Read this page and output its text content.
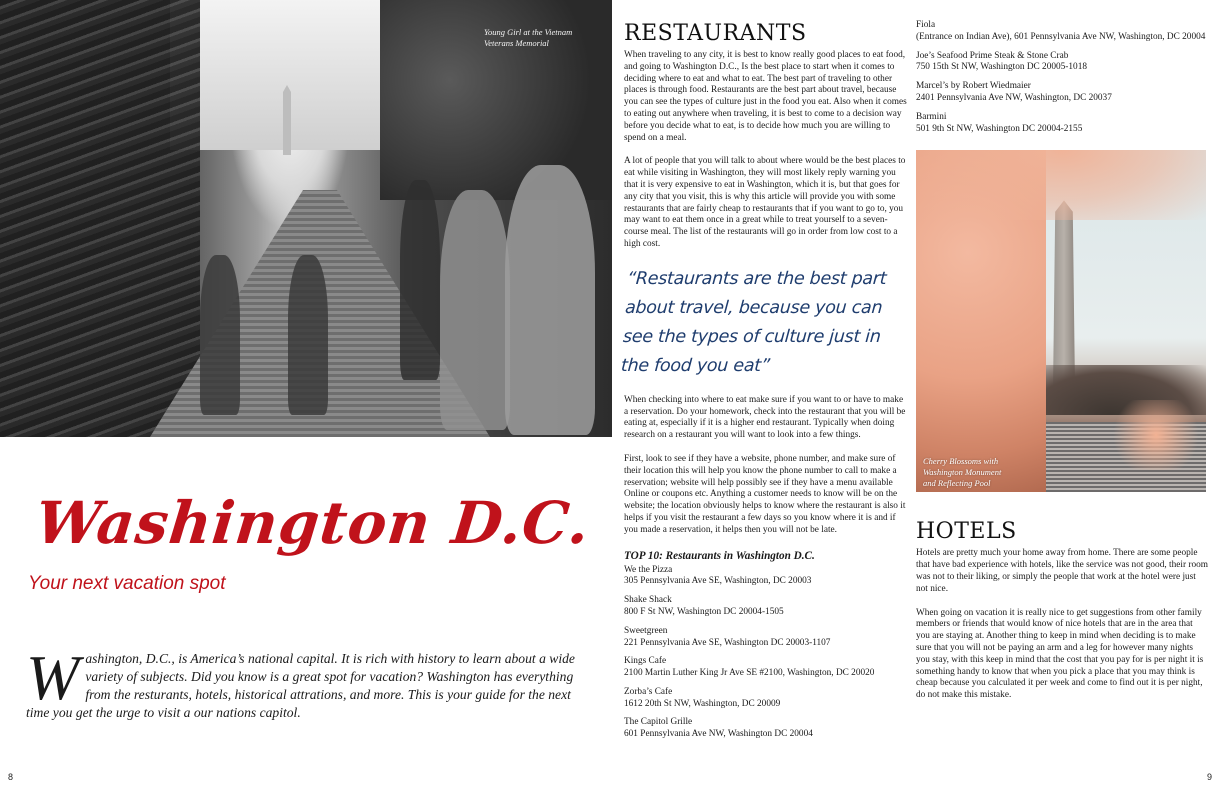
Young Girl at the Vietnam
Veterans Memorial
Washington D.C.
Your next vacation spot
W ashington, D.C., is America’s national capital. It is rich with history to learn about a wide variety of subjects. Did you know is a great spot for vacation? Washington has everything from the resturants, hotels, historical attrations, and more. This is your guide for the next time you get the urge to visit a our nations capitol.
8
RESTAURANTS

When traveling to any city, it is best to know really good places to eat food, and going to Washington D.C., Is the best place to start when it comes to deciding where to eat and what to eat. The best part of traveling to other places is through food. Restaurants are the best part about travel, because you can see the types of culture just in the food you eat. Also when it comes to eating out anywhere when traveling, it is best to come to a decision way before you decide what to eat, is to decide how much you are willing to spend on a meal.

A lot of people that you will talk to about where would be the best places to eat while visiting in Washington, they will most likely reply warning you that it is very expensive to eat in Washington, which it is, but that goes for any city that you visit, this is why this article will provide you with some restaurants that are fairly cheap to restaurants that if you want to go to, you may want to eat them once in a great while to treat yourself to a seven-course meal. The list of the restaurants will go in order from low cost to a high cost.

“Restaurants are the best part about travel, because you can see the types of culture just in the food you eat”

When checking into where to eat make sure if you want to or have to make a reservation. Do your homework, check into the restaurant that you will be eating at, especially if it is a higher end restaurant. Typically when doing research on a restaurant you will want to look into a few things.

First, look to see if they have a website, phone number, and make sure of their location this will help you know the phone number to call to make a reservation; website will help possibly see if they have a menu available Online or coupons etc. Anything a customer needs to know will be on the website; the location obviously helps to know where the restaurant is also it helps if you visit the restaurant a few days so you know where it is and if you made a reservation, it helps then you will not be late.

TOP 10: Restaurants in Washington D.C.
We the Pizza
305 Pennsylvania Ave SE, Washington, DC 20003
Shake Shack
800 F St NW, Washington DC 20004-1505
Sweetgreen
221 Pennsylvania Ave SE, Washington DC 20003-1107
Kings Cafe
2100 Martin Luther King Jr Ave SE #2100, Washington, DC 20020
Zorba’s Cafe
1612 20th St NW, Washington, DC 20009
The Capitol Grille
601 Pennsylvania Ave NW, Washington DC 20004
Fiola
(Entrance on Indian Ave), 601 Pennsylvania Ave NW, Washington, DC 20004
Joe’s Seafood Prime Steak & Stone Crab
750 15th St NW, Washington DC 20005-1018
Marcel’s by Robert Wiedmaier
2401 Pennsylvania Ave NW, Washington, DC 20037
Barmini
501 9th St NW, Washington DC 20004-2155
Cherry Blossoms with
Washington Monument
and Reflecting Pool
HOTELS

Hotels are pretty much your home away from home. There are some people that have bad experience with hotels, like the service was not good, their room was not to their liking, or simply the people that work at the hotel were just not nice.

When going on vacation it is really nice to get suggestions from other family members or friends that would know of nice hotels that are in the area that you are staying at. Another thing to keep in mind when deciding is to make sure that you will not be paying an arm and a leg for however many nights you stay, with this keep in mind that the cost that you pay for is per night it is something handy to know that when you pick a place that you may think is cheap because you calculated it per week and come to find out it is per night, do not make this mistake.

9
